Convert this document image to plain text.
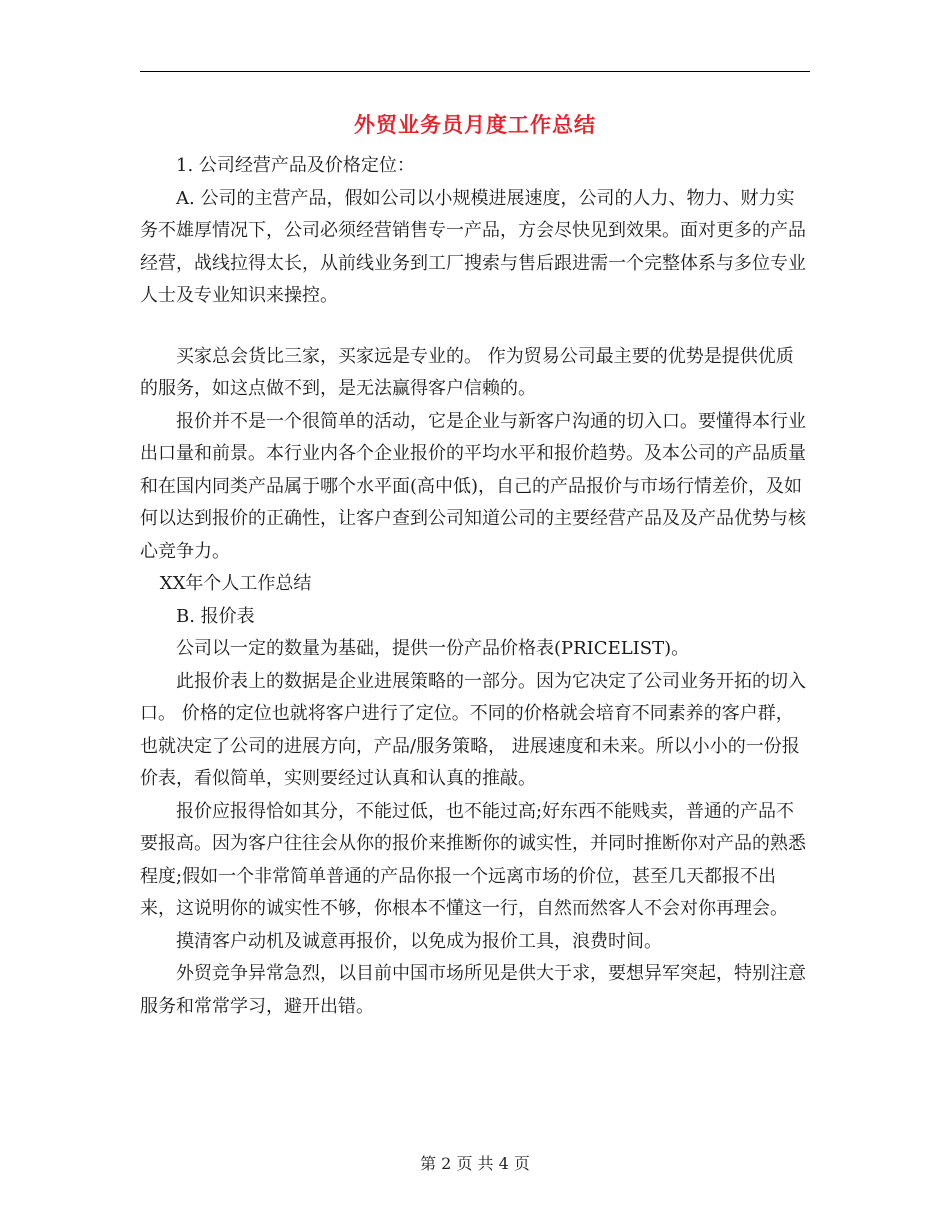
外贸业务员月度工作总结

1. 公司经营产品及价格定位：

A. 公司的主营产品，假如公司以小规模进展速度，公司的人力、物力、财力实务不雄厚情况下，公司必须经营销售专一产品，方会尽快见到效果。面对更多的产品经营，战线拉得太长，从前线业务到工厂搜索与售后跟进需一个完整体系与多位专业人士及专业知识来操控。

买家总会货比三家，买家远是专业的。 作为贸易公司最主要的优势是提供优质的服务，如这点做不到，是无法赢得客户信赖的。

报价并不是一个很简单的活动，它是企业与新客户沟通的切入口。要懂得本行业出口量和前景。本行业内各个企业报价的平均水平和报价趋势。及本公司的产品质量和在国内同类产品属于哪个水平面(高中低)，自己的产品报价与市场行情差价，及如何以达到报价的正确性，让客户查到公司知道公司的主要经营产品及及产品优势与核心竞争力。

XX年个人工作总结

B. 报价表

公司以一定的数量为基础，提供一份产品价格表(PRICELIST)。

此报价表上的数据是企业进展策略的一部分。因为它决定了公司业务开拓的切入口。 价格的定位也就将客户进行了定位。不同的价格就会培育不同素养的客户群，也就决定了公司的进展方向，产品/服务策略， 进展速度和未来。所以小小的一份报价表，看似简单，实则要经过认真和认真的推敲。

报价应报得恰如其分，不能过低，也不能过高;好东西不能贱卖，普通的产品不要报高。因为客户往往会从你的报价来推断你的诚实性，并同时推断你对产品的熟悉程度;假如一个非常简单普通的产品你报一个远离市场的价位，甚至几天都报不出来，这说明你的诚实性不够，你根本不懂这一行，自然而然客人不会对你再理会。

摸清客户动机及诚意再报价，以免成为报价工具，浪费时间。

外贸竞争异常急烈，以目前中国市场所见是供大于求，要想异军突起，特别注意服务和常常学习，避开出错。

第 2 页 共 4 页
